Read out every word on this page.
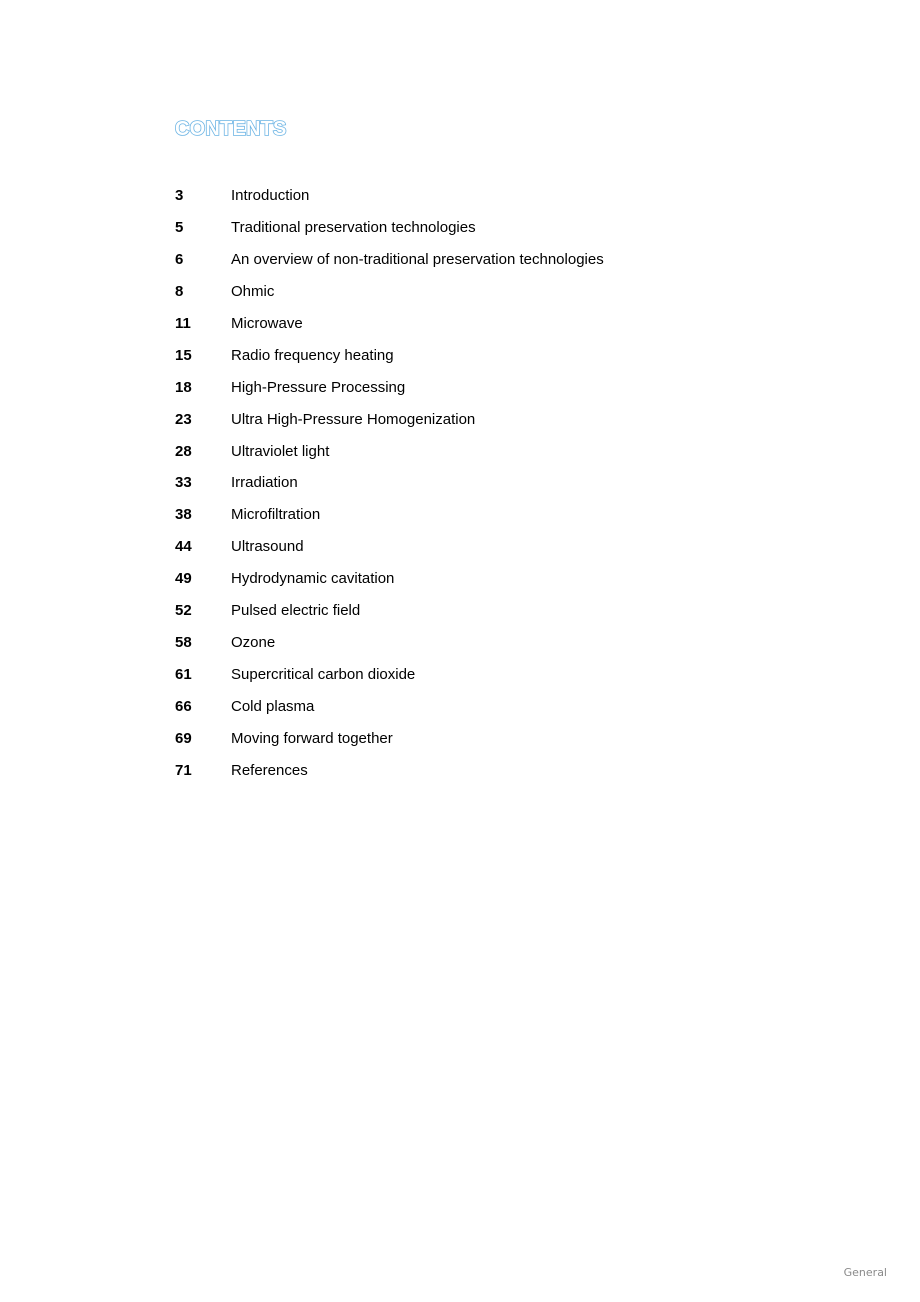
CONTENTS
3	Introduction
5	Traditional preservation technologies
6	An overview of non-traditional preservation technologies
8	Ohmic
11	Microwave
15	Radio frequency heating
18	High-Pressure Processing
23	Ultra High-Pressure Homogenization
28	Ultraviolet light
33	Irradiation
38	Microfiltration
44	Ultrasound
49	Hydrodynamic cavitation
52	Pulsed electric field
58	Ozone
61	Supercritical carbon dioxide
66	Cold plasma
69	Moving forward together
71	References
General
